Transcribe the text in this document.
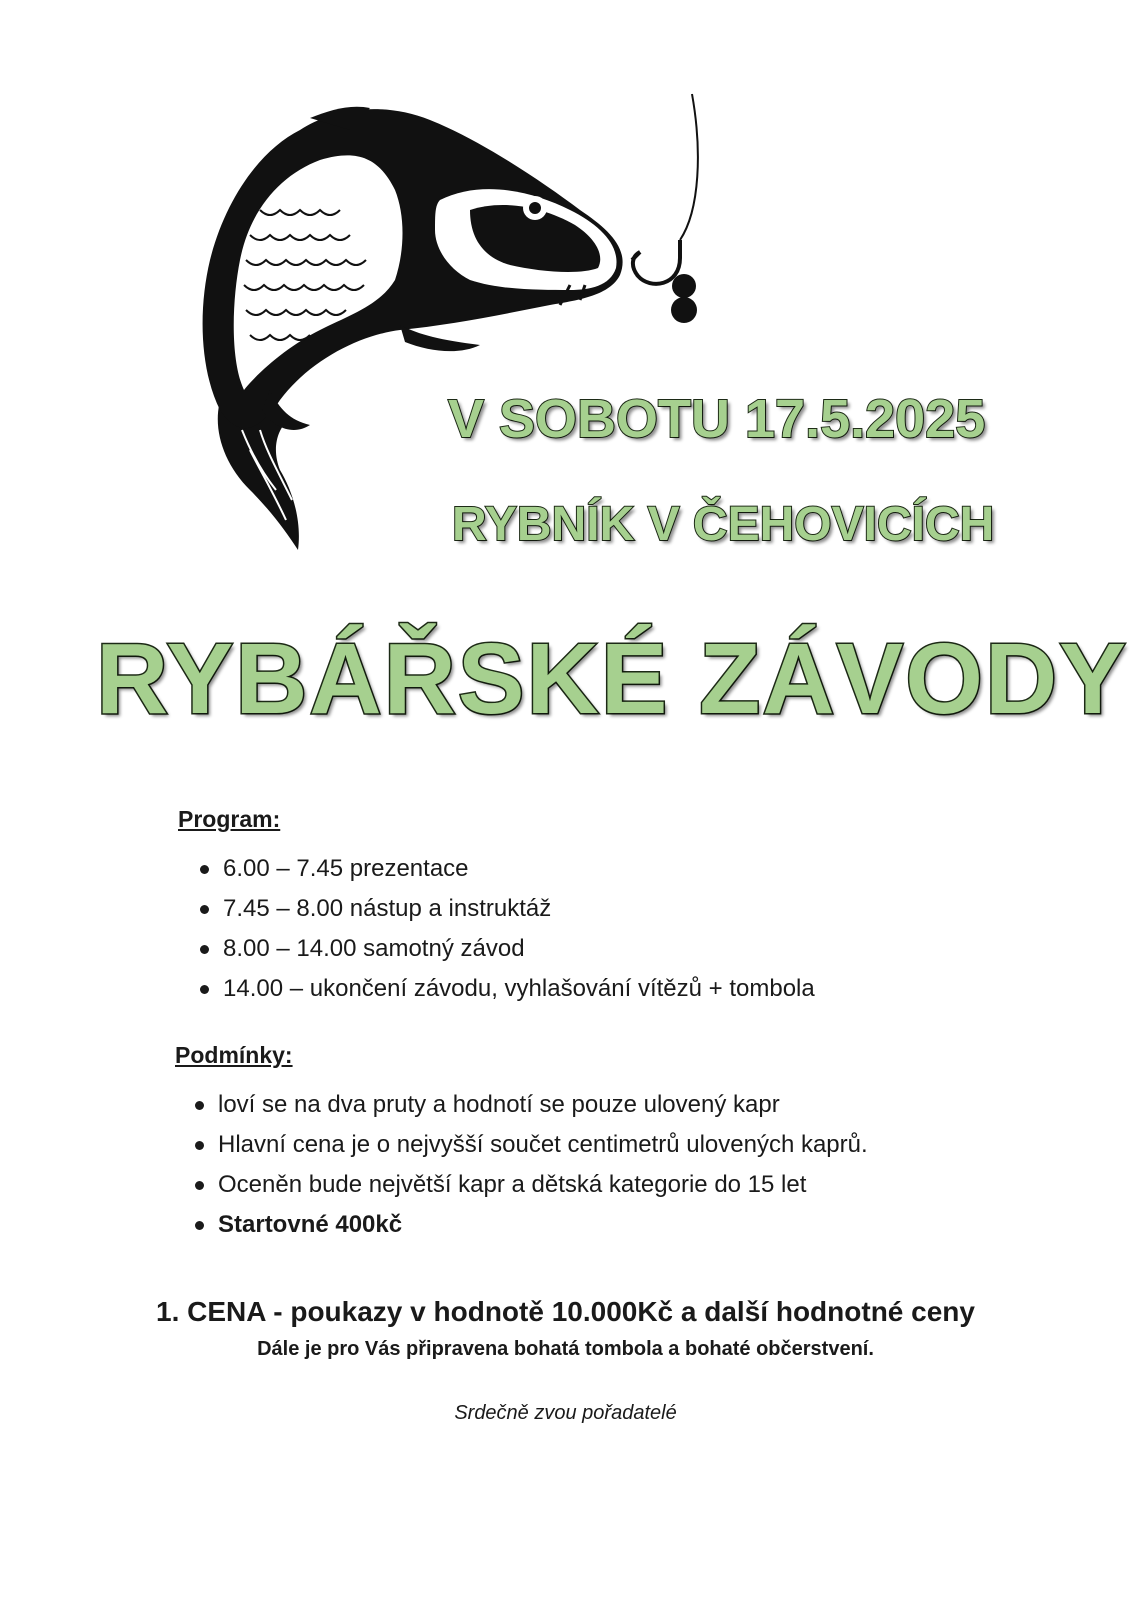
V SOBOTU 17.5.2025
RYBNÍK V ČEHOVICÍCH
RYBÁŘSKÉ ZÁVODY
Program:
6.00 – 7.45 prezentace
7.45 – 8.00 nástup a instruktáž
8.00 – 14.00 samotný závod
14.00 – ukončení závodu, vyhlašování vítězů + tombola
Podmínky:
loví se na dva pruty a hodnotí se pouze ulovený kapr
Hlavní cena je o nejvyšší součet centimetrů ulovených kaprů.
Oceněn bude největší kapr a dětská kategorie do 15 let
Startovné 400kč
1. CENA - poukazy v hodnotě 10.000Kč a další hodnotné ceny
Dále je pro Vás připravena bohatá tombola a bohaté občerstvení.
Srdečně zvou pořadatelé
